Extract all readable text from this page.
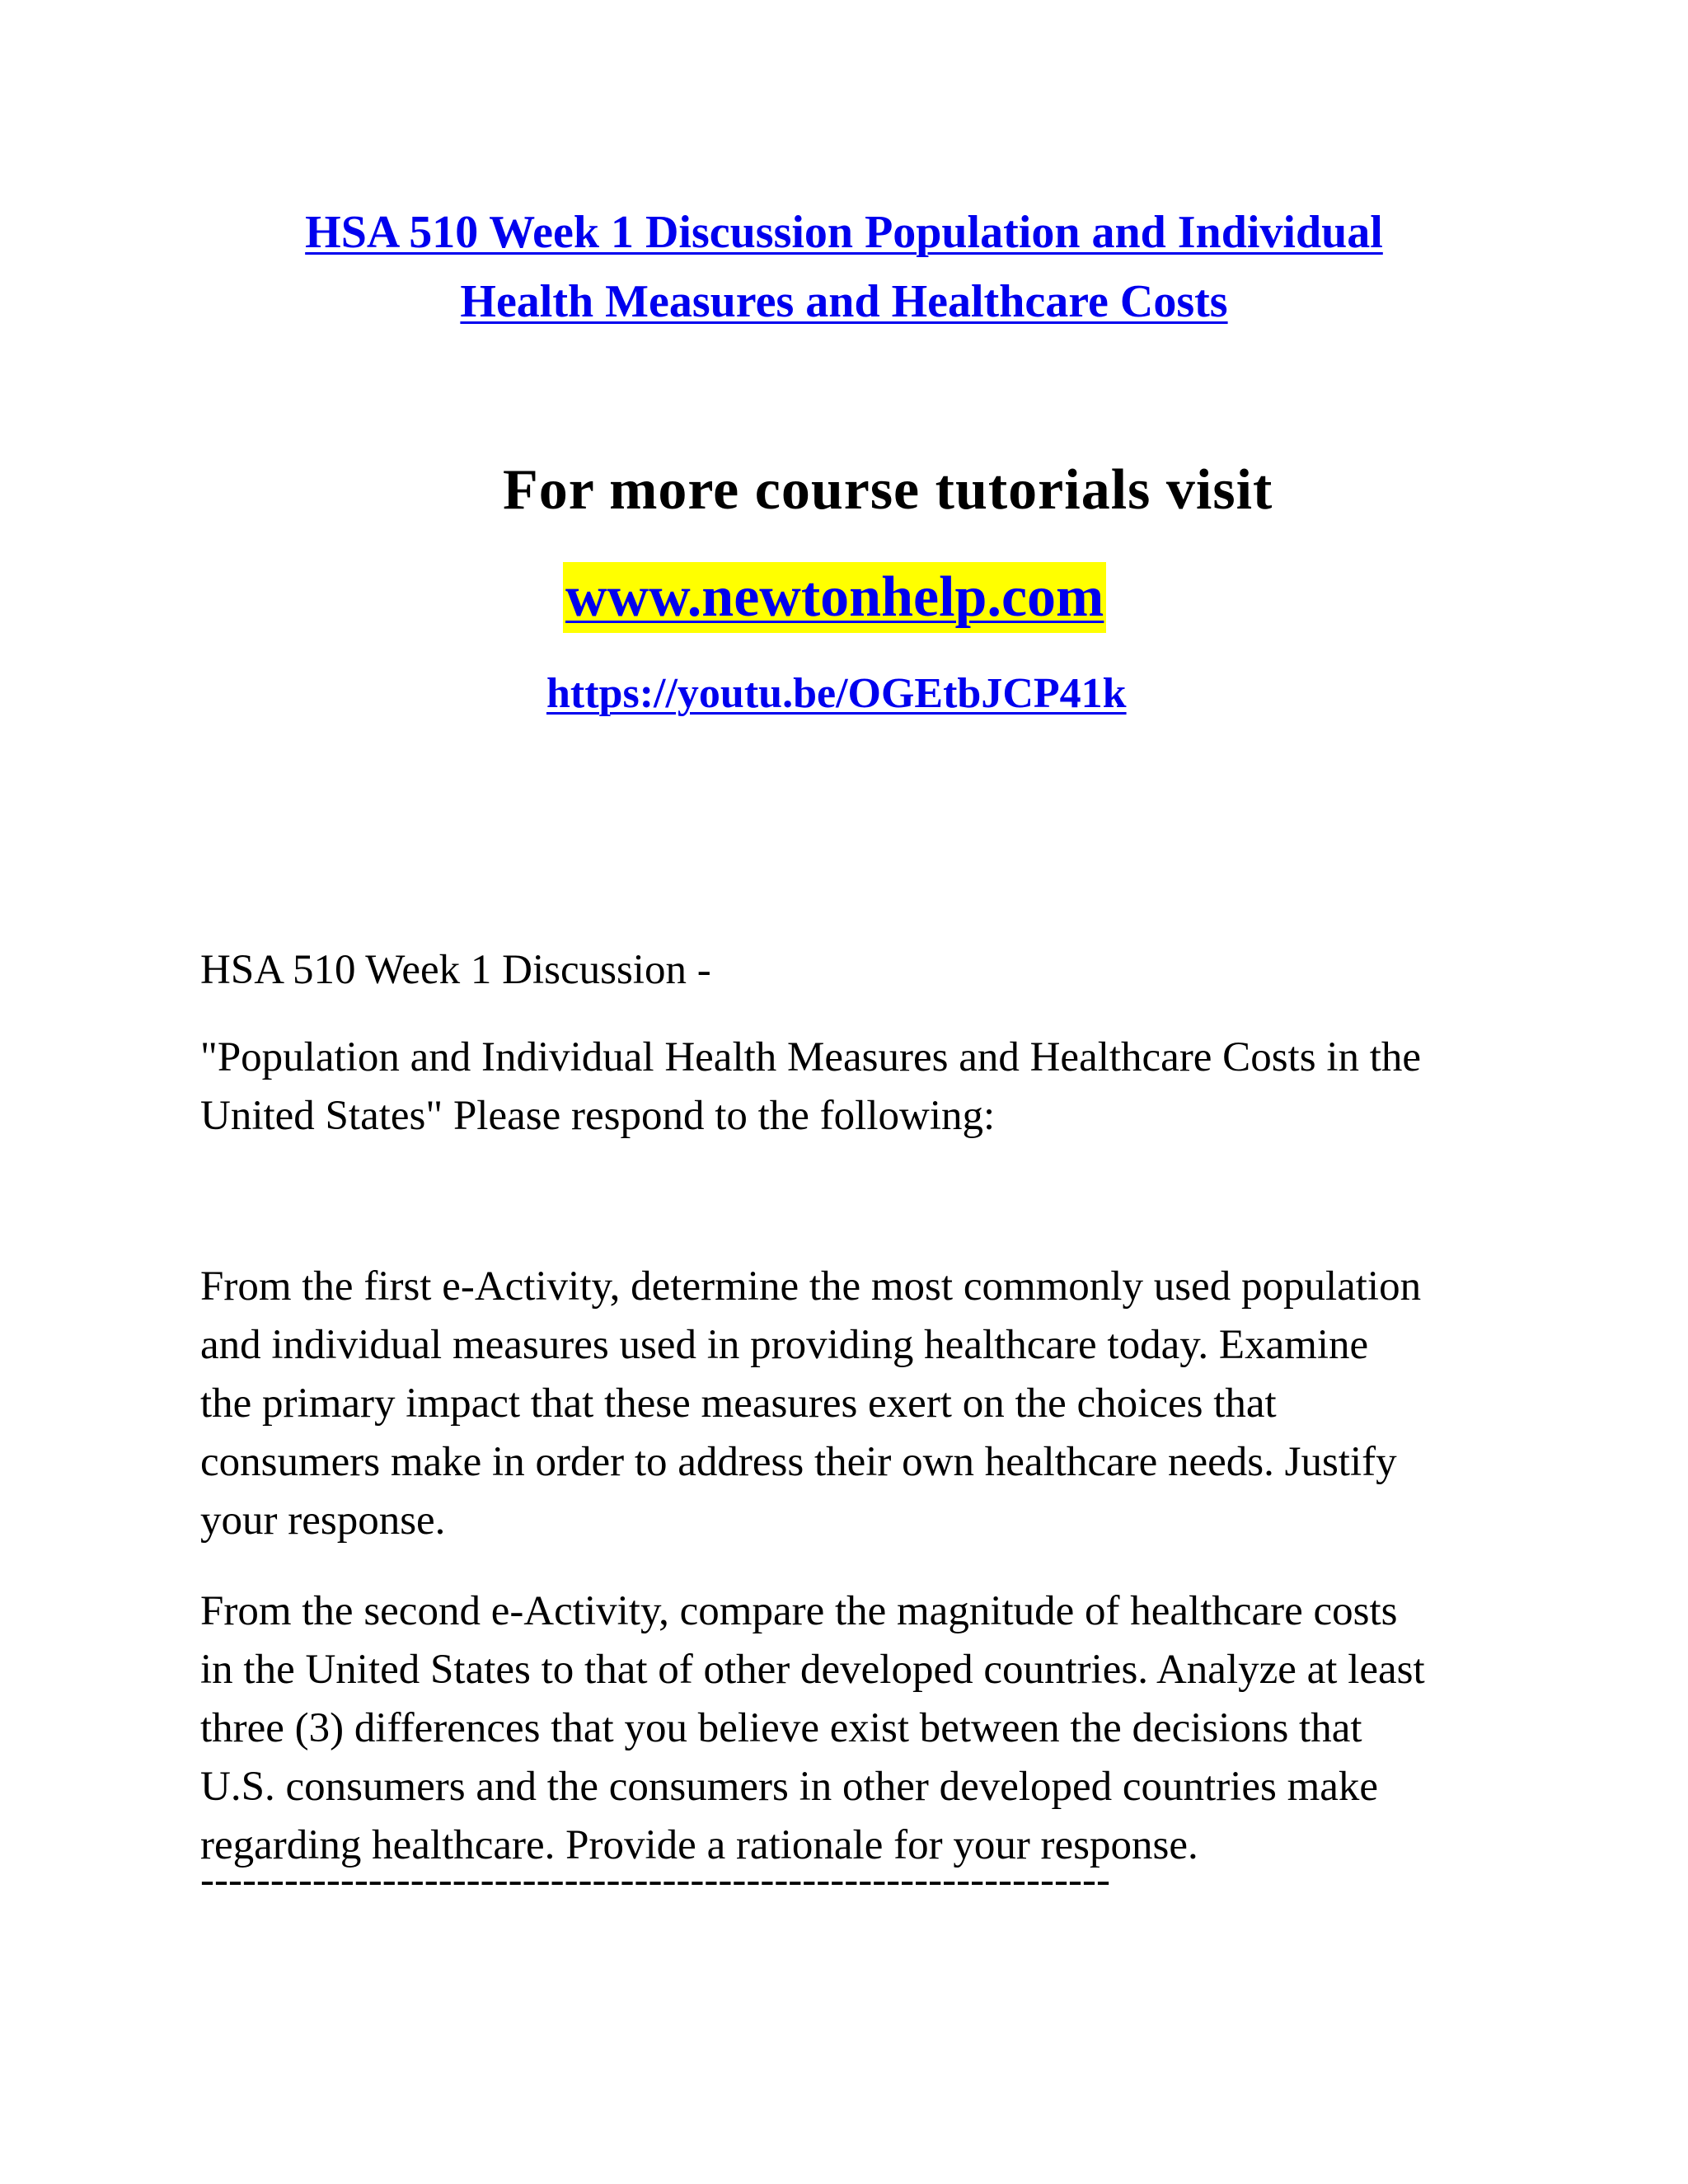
HSA 510 Week 1 Discussion Population and Individual
Health Measures and Healthcare Costs
For more course tutorials visit
www.newtonhelp.com
https://youtu.be/OGEtbJCP41k

HSA 510 Week 1 Discussion -

"Population and Individual Health Measures and Healthcare Costs in the
United States" Please respond to the following:

From the first e-Activity, determine the most commonly used population
and individual measures used in providing healthcare today. Examine
the primary impact that these measures exert on the choices that
consumers make in order to address their own healthcare needs. Justify
your response.

From the second e-Activity, compare the magnitude of healthcare costs
in the United States to that of other developed countries. Analyze at least
three (3) differences that you believe exist between the decisions that
U.S. consumers and the consumers in other developed countries make
regarding healthcare. Provide a rationale for your response.

-----------------------------------------------------------------
